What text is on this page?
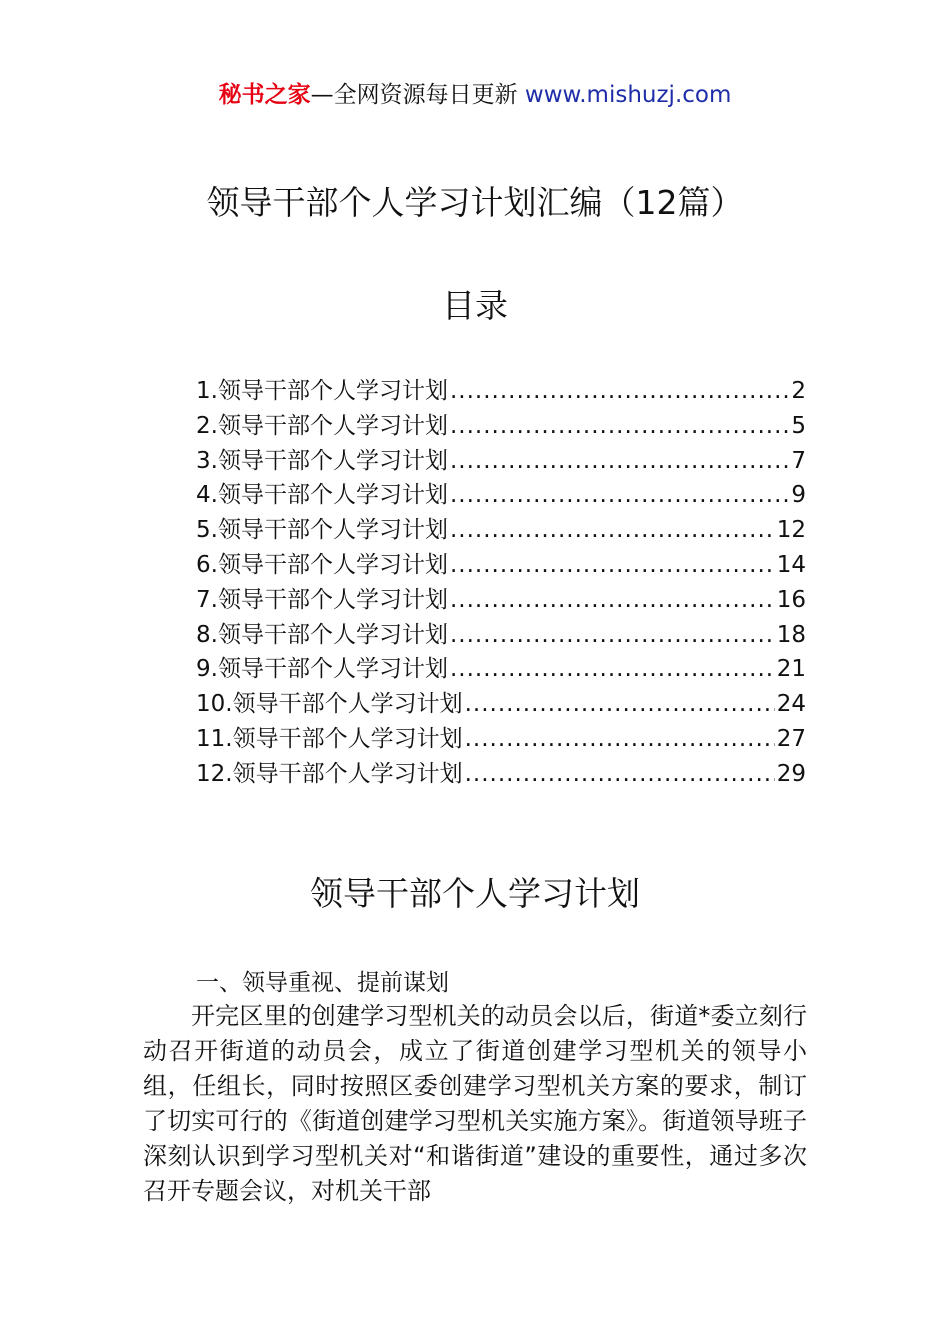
秘书之家—全网资源每日更新 www.mishuzj.com
领导干部个人学习计划汇编（12篇）
目录
1.领导干部个人学习计划 .....	2
2.领导干部个人学习计划 .....	5
3.领导干部个人学习计划 .....	7
4.领导干部个人学习计划 .....	9
5.领导干部个人学习计划 .....	12
6.领导干部个人学习计划 .....	14
7.领导干部个人学习计划 .....	16
8.领导干部个人学习计划 .....	18
9.领导干部个人学习计划 .....	21
10.领导干部个人学习计划 .....	24
11.领导干部个人学习计划 .....	27
12.领导干部个人学习计划 .....	29
领导干部个人学习计划
一、领导重视、提前谋划

开完区里的创建学习型机关的动员会以后，街道*委立刻行动召开街道的动员会，成立了街道创建学习型机关的领导小组，任组长，同时按照区委创建学习型机关方案的要求，制订了切实可行的《街道创建学习型机关实施方案》。街道领导班子深刻认识到学习型机关对“和谐街道”建设的重要性，通过多次召开专题会议，对机关干部
